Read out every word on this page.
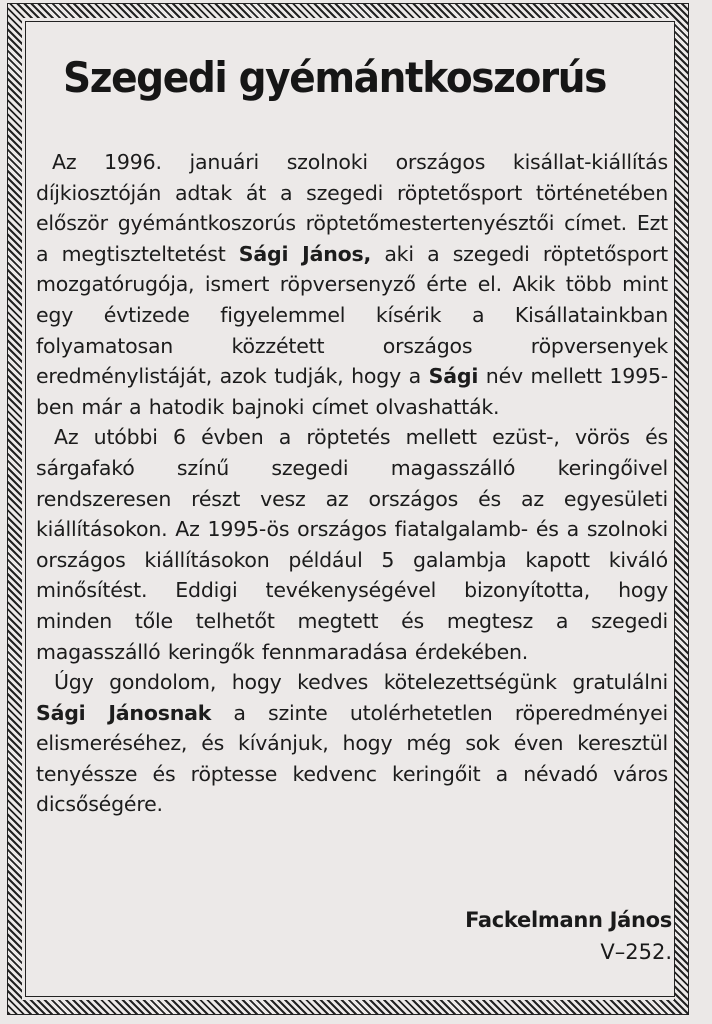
Szegedi gyémántkoszorús

Az 1996. januári szolnoki országos kisállat-kiállítás díjkiosztóján adtak át a szegedi röptetősport történetében először gyémántkoszorús röptetőmestertenyésztői címet. Ezt a megtiszteltetést Sági János, aki a szegedi röptetősport mozgatórugója, ismert röpversenyző érte el. Akik több mint egy évtizede figyelemmel kísérik a Kisállatainkban folyamatosan közzétett országos röpversenyek eredménylistáját, azok tudják, hogy a Sági név mellett 1995-ben már a hatodik bajnoki címet olvashatták.

Az utóbbi 6 évben a röptetés mellett ezüst-, vörös és sárgafakó színű szegedi magasszálló keringőivel rendszeresen részt vesz az országos és az egyesületi kiállításokon. Az 1995-ös országos fiatalgalamb- és a szolnoki országos kiállításokon például 5 galambja kapott kiváló minősítést. Eddigi tevékenységével bizonyította, hogy minden tőle telhetőt megtett és megtesz a szegedi magasszálló keringők fennmaradása érdekében.

Úgy gondolom, hogy kedves kötelezettségünk gratulálni Sági Jánosnak a szinte utolérhetetlen röperedményei elismeréséhez, és kívánjuk, hogy még sok éven keresztül tenyéssze és röptesse kedvenc keringőit a névadó város dicsőségére.

Fackelmann János
V–252.
